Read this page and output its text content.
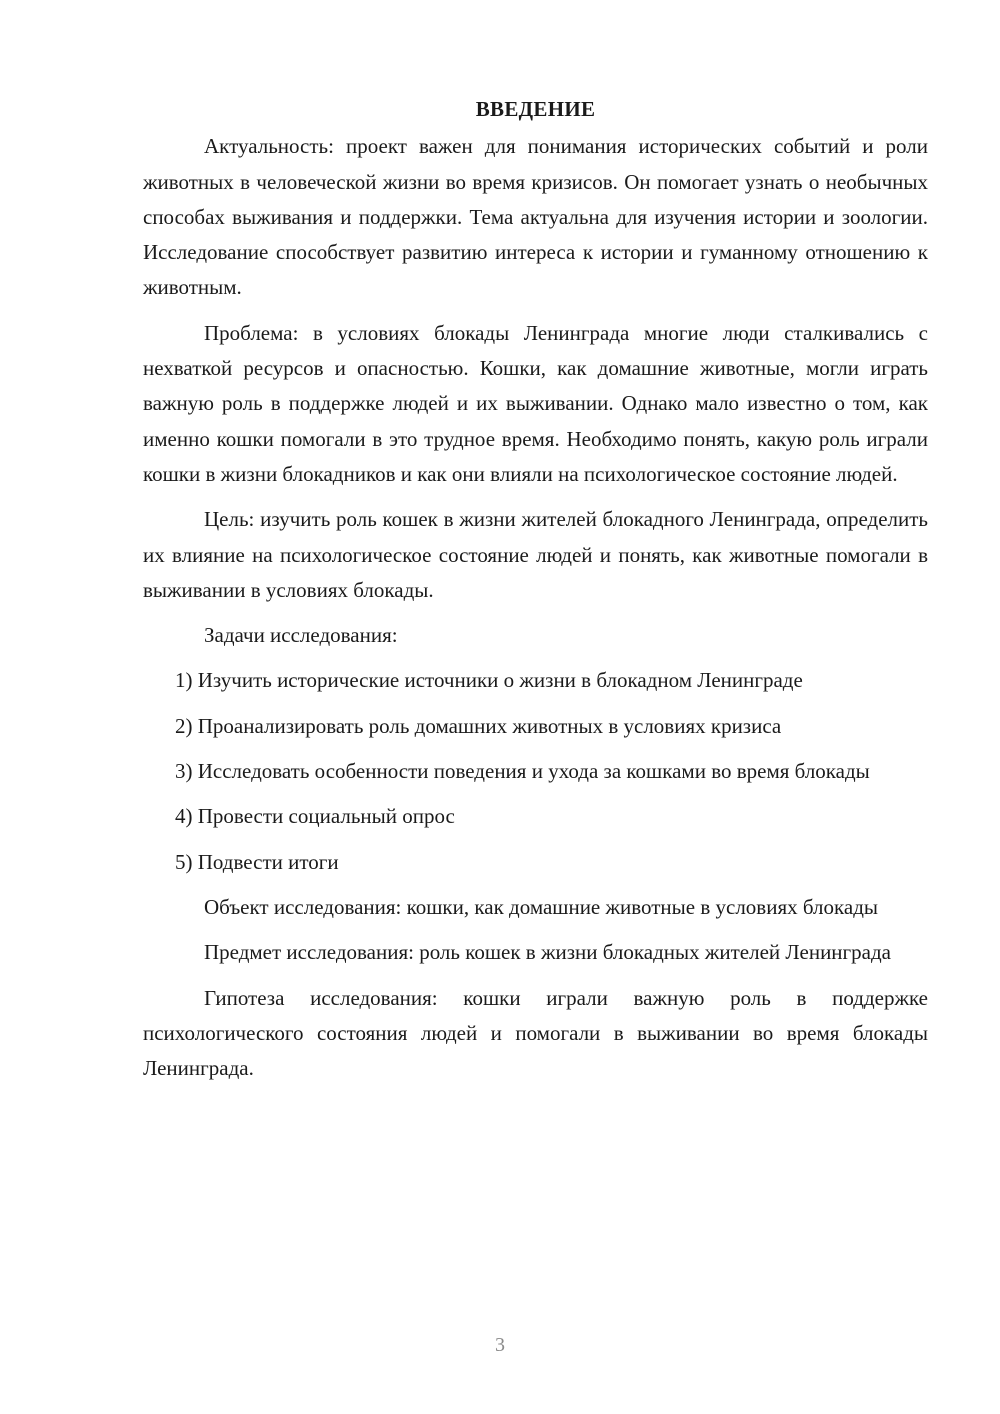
ВВЕДЕНИЕ

Актуальность: проект важен для понимания исторических событий и роли животных в человеческой жизни во время кризисов. Он помогает узнать о необычных способах выживания и поддержки. Тема актуальна для изучения истории и зоологии. Исследование способствует развитию интереса к истории и гуманному отношению к животным.

Проблема: в условиях блокады Ленинграда многие люди сталкивались с нехваткой ресурсов и опасностью. Кошки, как домашние животные, могли играть важную роль в поддержке людей и их выживании. Однако мало известно о том, как именно кошки помогали в это трудное время. Необходимо понять, какую роль играли кошки в жизни блокадников и как они влияли на психологическое состояние людей.

Цель: изучить роль кошек в жизни жителей блокадного Ленинграда, определить их влияние на психологическое состояние людей и понять, как животные помогали в выживании в условиях блокады.

Задачи исследования:

1) Изучить исторические источники о жизни в блокадном Ленинграде

2) Проанализировать роль домашних животных в условиях кризиса

3) Исследовать особенности поведения и ухода за кошками во время блокады

4) Провести социальный опрос

5) Подвести итоги

Объект исследования: кошки, как домашние животные в условиях блокады

Предмет исследования: роль кошек в жизни блокадных жителей Ленинграда

Гипотеза исследования: кошки играли важную роль в поддержке психологического состояния людей и помогали в выживании во время блокады Ленинграда.

3
